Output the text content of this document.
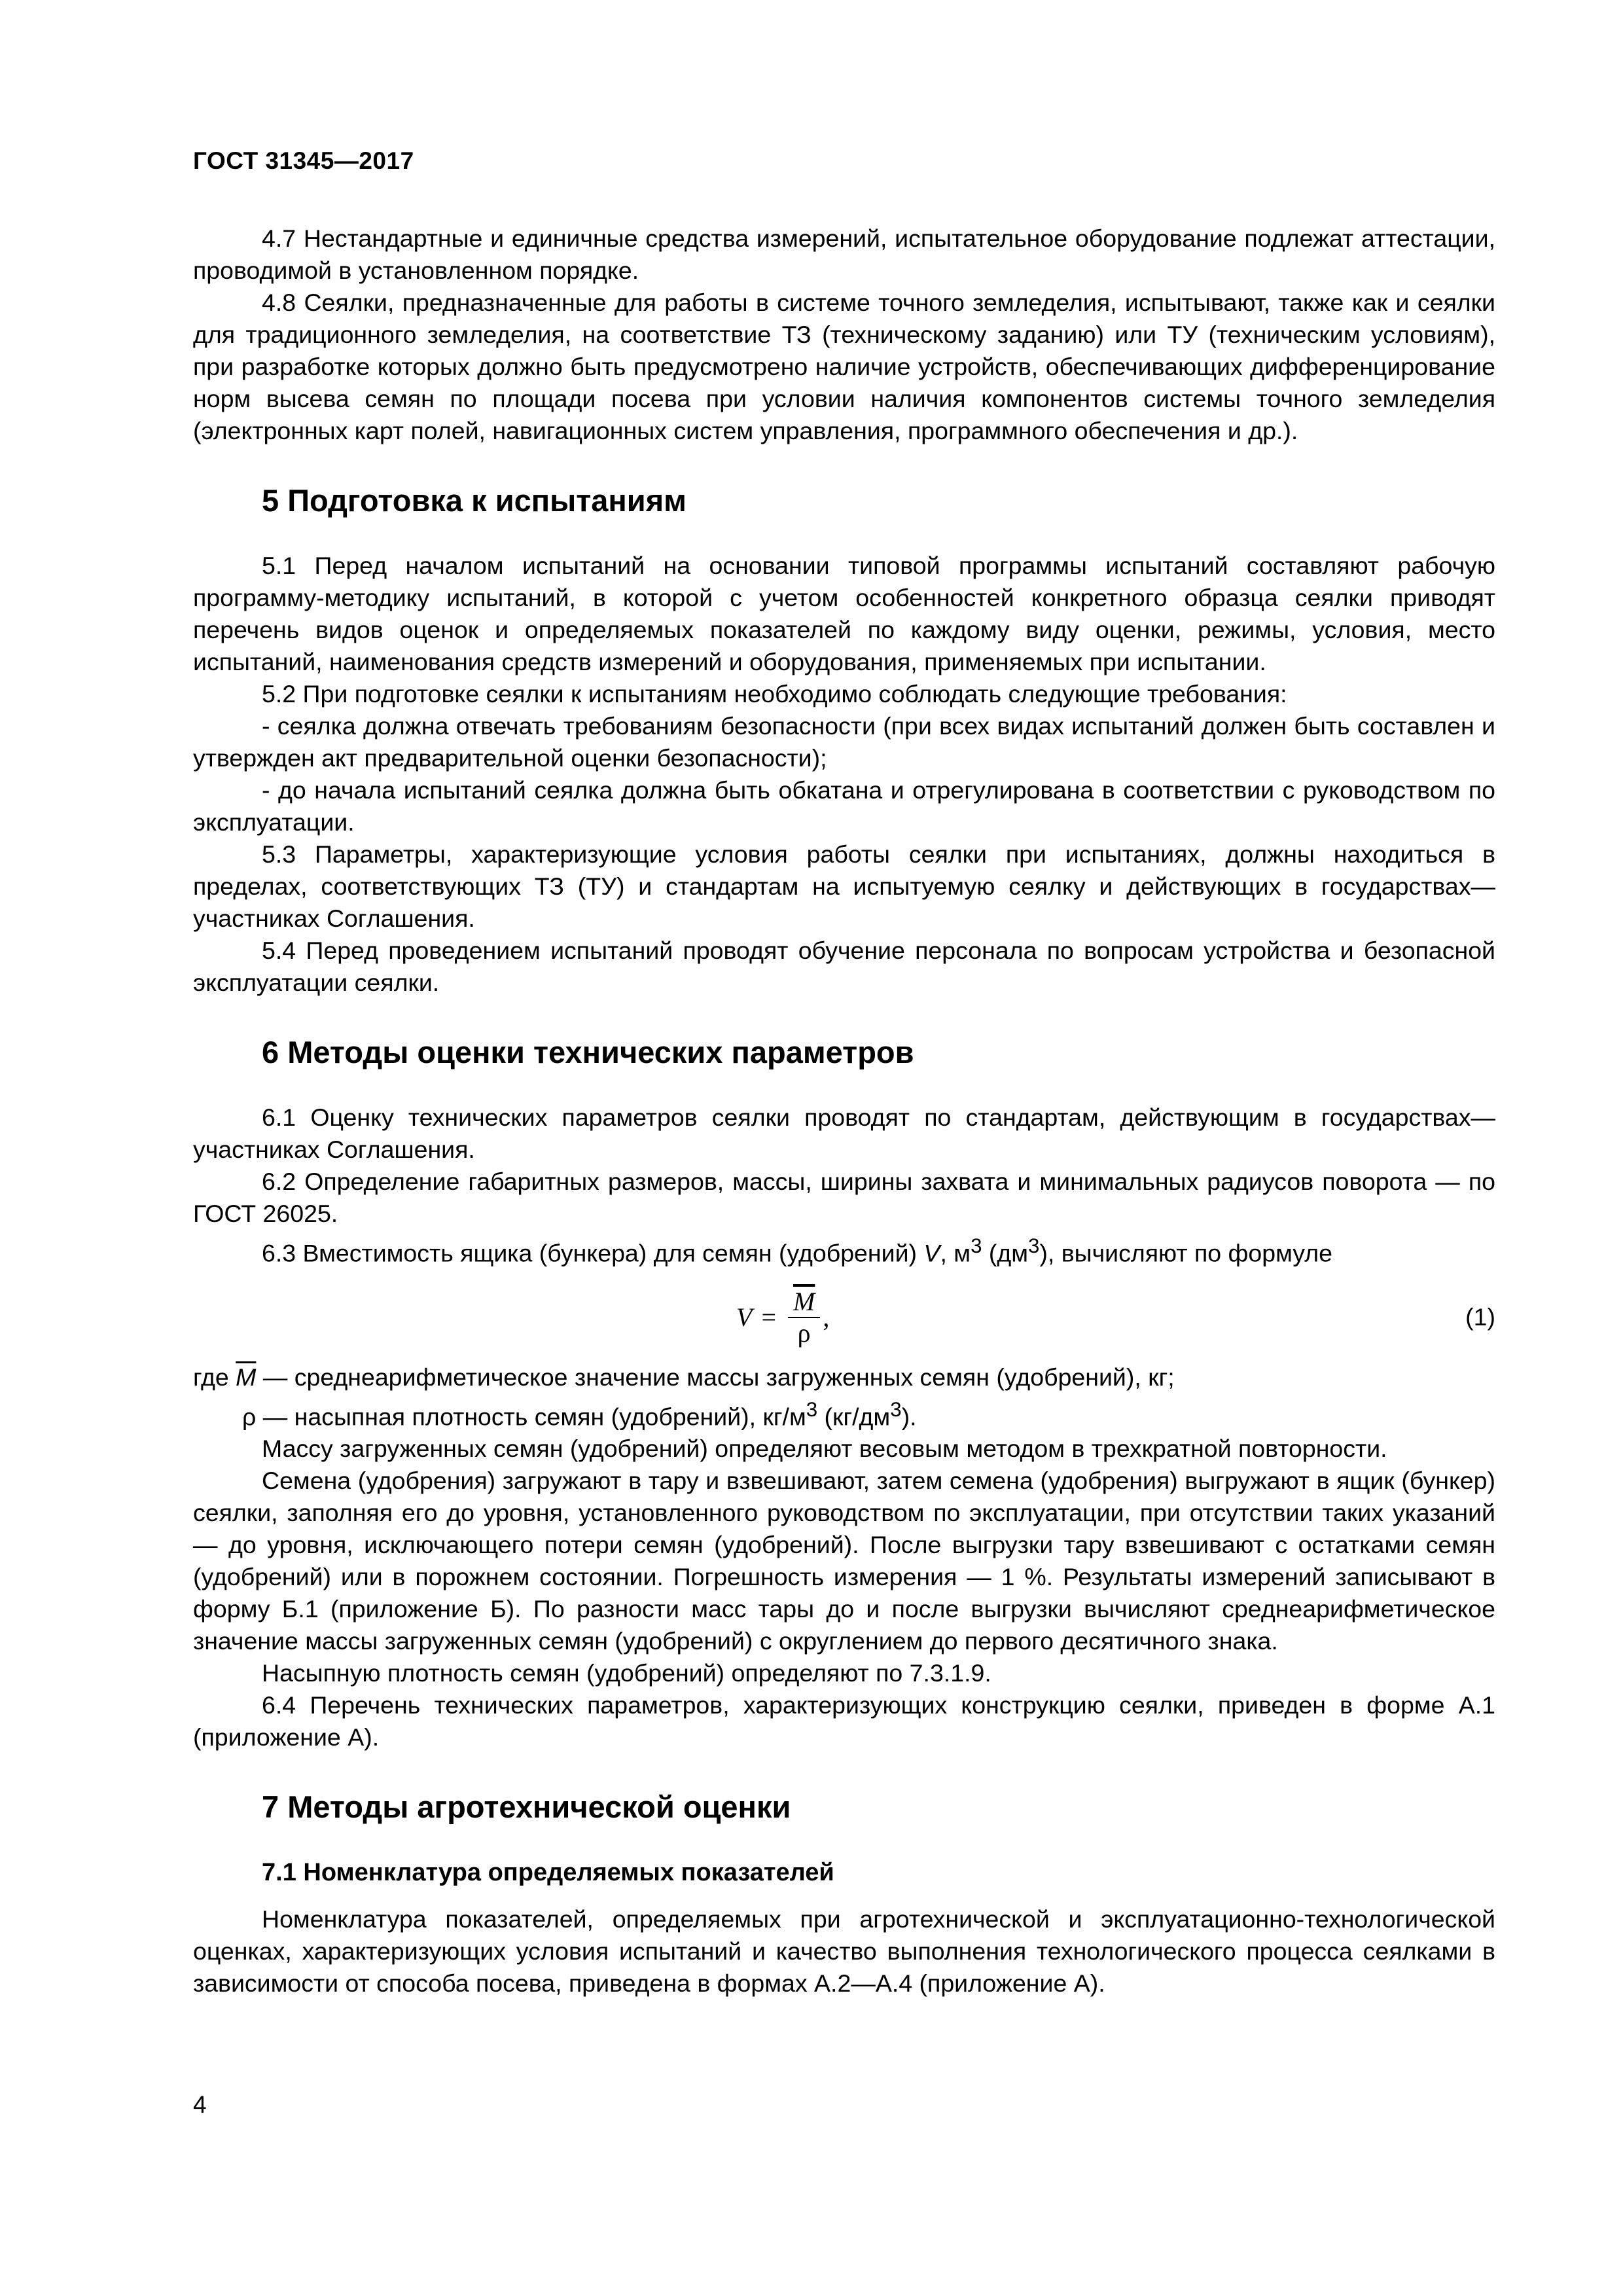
ГОСТ 31345—2017

4.7 Нестандартные и единичные средства измерений, испытательное оборудование подлежат аттестации, проводимой в установленном порядке.

4.8 Сеялки, предназначенные для работы в системе точного земледелия, испытывают, также как и сеялки для традиционного земледелия, на соответствие ТЗ (техническому заданию) или ТУ (техническим условиям), при разработке которых должно быть предусмотрено наличие устройств, обеспечивающих дифференцирование норм высева семян по площади посева при условии наличия компонентов системы точного земледелия (электронных карт полей, навигационных систем управления, программного обеспечения и др.).

5 Подготовка к испытаниям

5.1 Перед началом испытаний на основании типовой программы испытаний составляют рабочую программу-методику испытаний, в которой с учетом особенностей конкретного образца сеялки приводят перечень видов оценок и определяемых показателей по каждому виду оценки, режимы, условия, место испытаний, наименования средств измерений и оборудования, применяемых при испытании.

5.2 При подготовке сеялки к испытаниям необходимо соблюдать следующие требования:

- сеялка должна отвечать требованиям безопасности (при всех видах испытаний должен быть составлен и утвержден акт предварительной оценки безопасности);

- до начала испытаний сеялка должна быть обкатана и отрегулирована в соответствии с руководством по эксплуатации.

5.3 Параметры, характеризующие условия работы сеялки при испытаниях, должны находиться в пределах, соответствующих ТЗ (ТУ) и стандартам на испытуемую сеялку и действующих в государствах—участниках Соглашения.

5.4 Перед проведением испытаний проводят обучение персонала по вопросам устройства и безопасной эксплуатации сеялки.

6 Методы оценки технических параметров

6.1 Оценку технических параметров сеялки проводят по стандартам, действующим в государствах—участниках Соглашения.

6.2 Определение габаритных размеров, массы, ширины захвата и минимальных радиусов поворота — по ГОСТ 26025.

6.3 Вместимость ящика (бункера) для семян (удобрений) V, $м^3$ $(дм^3)$, вычисляют по формуле

$V = \frac{\overline{M}}{\rho}$ ,	(1)

где $\overline{M}$ — среднеарифметическое значение массы загруженных семян (удобрений), кг;

ρ — насыпная плотность семян (удобрений), $кг/м^3$ $(кг/дм^3)$.

Массу загруженных семян (удобрений) определяют весовым методом в трехкратной повторности.

Семена (удобрения) загружают в тару и взвешивают, затем семена (удобрения) выгружают в ящик (бункер) сеялки, заполняя его до уровня, установленного руководством по эксплуатации, при отсутствии таких указаний — до уровня, исключающего потери семян (удобрений). После выгрузки тару взвешивают с остатками семян (удобрений) или в порожнем состоянии. Погрешность измерения — 1 %. Результаты измерений записывают в форму Б.1 (приложение Б). По разности масс тары до и после выгрузки вычисляют среднеарифметическое значение массы загруженных семян (удобрений) с округлением до первого десятичного знака.

Насыпную плотность семян (удобрений) определяют по 7.3.1.9.

6.4 Перечень технических параметров, характеризующих конструкцию сеялки, приведен в форме А.1 (приложение А).

7 Методы агротехнической оценки
7.1 Номенклатура определяемых показателей

Номенклатура показателей, определяемых при агротехнической и эксплуатационно-технологической оценках, характеризующих условия испытаний и качество выполнения технологического процесса сеялками в зависимости от способа посева, приведена в формах А.2—А.4 (приложение А).

4
